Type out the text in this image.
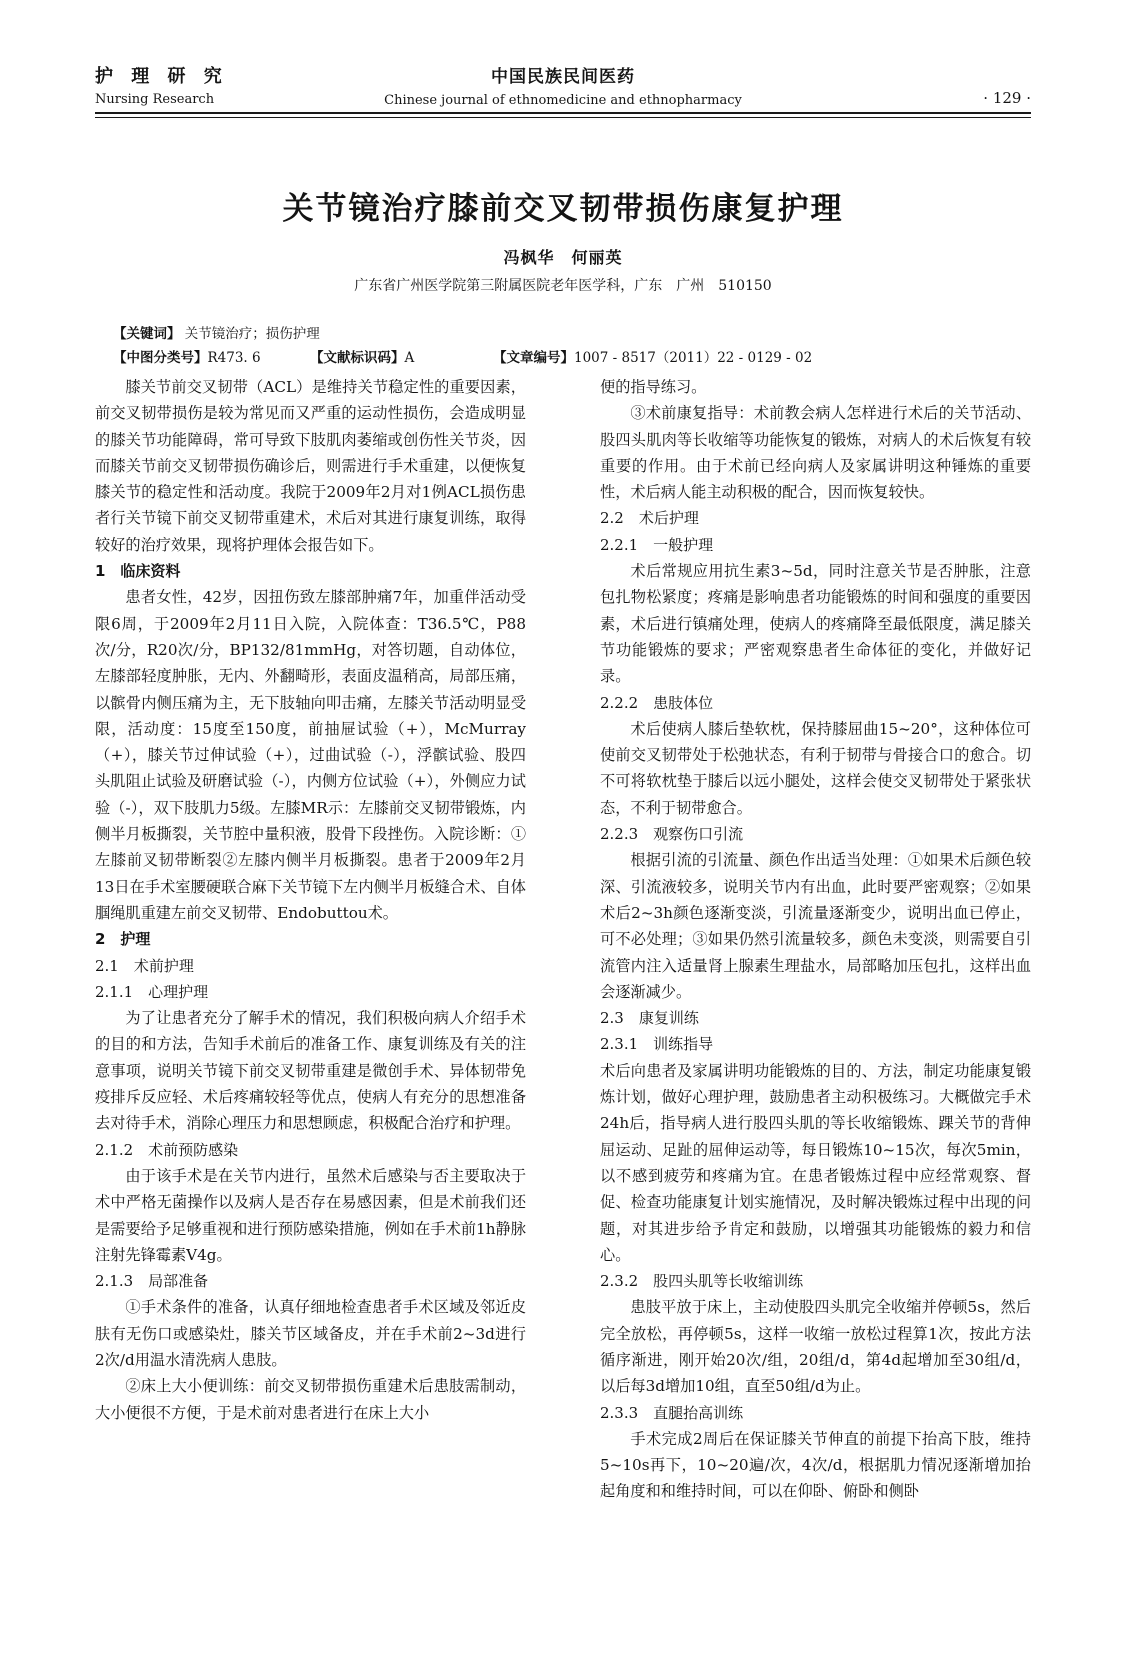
护 理 研 究
Nursing Research
中国民族民间医药
Chinese journal of ethnomedicine and ethnopharmacy	· 129 ·
关节镜治疗膝前交叉韧带损伤康复护理
冯枫华　何丽英
广东省广州医学院第三附属医院老年医学科，广东　广州　510150
【关键词】 关节镜治疗；损伤护理
【中图分类号】R473. 6	【文献标识码】A	【文章编号】1007 - 8517（2011）22 - 0129 - 02

膝关节前交叉韧带（ACL）是维持关节稳定性的重要因素，前交叉韧带损伤是较为常见而又严重的运动性损伤，会造成明显的膝关节功能障碍，常可导致下肢肌肉萎缩或创伤性关节炎，因而膝关节前交叉韧带损伤确诊后，则需进行手术重建，以便恢复膝关节的稳定性和活动度。我院于2009年2月对1例ACL损伤患者行关节镜下前交叉韧带重建术，术后对其进行康复训练，取得较好的治疗效果，现将护理体会报告如下。

1　临床资料

患者女性，42岁，因扭伤致左膝部肿痛7年，加重伴活动受限6周，于2009年2月11日入院，入院体查：T36.5℃，P88次/分，R20次/分，BP132/81mmHg，对答切题，自动体位，左膝部轻度肿胀，无内、外翻畸形，表面皮温稍高，局部压痛，以髌骨内侧压痛为主，无下肢轴向叩击痛，左膝关节活动明显受限，活动度：15度至150度，前抽屉试验（+），McMurray（+），膝关节过伸试验（+），过曲试验（-），浮髌试验、股四头肌阻止试验及研磨试验（-），内侧方位试验（+），外侧应力试验（-），双下肢肌力5级。左膝MR示：左膝前交叉韧带锻炼，内侧半月板撕裂，关节腔中量积液，股骨下段挫伤。入院诊断：①左膝前叉韧带断裂②左膝内侧半月板撕裂。患者于2009年2月13日在手术室腰硬联合麻下关节镜下左内侧半月板缝合术、自体腘绳肌重建左前交叉韧带、Endobuttou术。

2　护理

2.1　术前护理

2.1.1　心理护理

为了让患者充分了解手术的情况，我们积极向病人介绍手术的目的和方法，告知手术前后的准备工作、康复训练及有关的注意事项，说明关节镜下前交叉韧带重建是微创手术、异体韧带免疫排斥反应轻、术后疼痛较轻等优点，使病人有充分的思想准备去对待手术，消除心理压力和思想顾虑，积极配合治疗和护理。

2.1.2　术前预防感染

由于该手术是在关节内进行，虽然术后感染与否主要取决于术中严格无菌操作以及病人是否存在易感因素，但是术前我们还是需要给予足够重视和进行预防感染措施，例如在手术前1h静脉注射先锋霉素V4g。

2.1.3　局部准备

①手术条件的准备，认真仔细地检查患者手术区域及邻近皮肤有无伤口或感染灶，膝关节区域备皮，并在手术前2~3d进行2次/d用温水清洗病人患肢。

②床上大小便训练：前交叉韧带损伤重建术后患肢需制动，大小便很不方便，于是术前对患者进行在床上大小

便的指导练习。

③术前康复指导：术前教会病人怎样进行术后的关节活动、股四头肌肉等长收缩等功能恢复的锻炼，对病人的术后恢复有较重要的作用。由于术前已经向病人及家属讲明这种锤炼的重要性，术后病人能主动积极的配合，因而恢复较快。

2.2　术后护理

2.2.1　一般护理

术后常规应用抗生素3~5d，同时注意关节是否肿胀，注意包扎物松紧度；疼痛是影响患者功能锻炼的时间和强度的重要因素，术后进行镇痛处理，使病人的疼痛降至最低限度，满足膝关节功能锻炼的要求；严密观察患者生命体征的变化，并做好记录。

2.2.2　患肢体位

术后使病人膝后垫软枕，保持膝屈曲15~20°，这种体位可使前交叉韧带处于松弛状态，有利于韧带与骨接合口的愈合。切不可将软枕垫于膝后以远小腿处，这样会使交叉韧带处于紧张状态，不利于韧带愈合。

2.2.3　观察伤口引流

根据引流的引流量、颜色作出适当处理：①如果术后颜色较深、引流液较多，说明关节内有出血，此时要严密观察；②如果术后2~3h颜色逐渐变淡，引流量逐渐变少，说明出血已停止，可不必处理；③如果仍然引流量较多，颜色未变淡，则需要自引流管内注入适量肾上腺素生理盐水，局部略加压包扎，这样出血会逐渐减少。

2.3　康复训练

2.3.1　训练指导

术后向患者及家属讲明功能锻炼的目的、方法，制定功能康复锻炼计划，做好心理护理，鼓励患者主动积极练习。大概做完手术24h后，指导病人进行股四头肌的等长收缩锻炼、踝关节的背伸屈运动、足趾的屈伸运动等，每日锻炼10~15次，每次5min，以不感到疲劳和疼痛为宜。在患者锻炼过程中应经常观察、督促、检查功能康复计划实施情况，及时解决锻炼过程中出现的问题，对其进步给予肯定和鼓励，以增强其功能锻炼的毅力和信心。

2.3.2　股四头肌等长收缩训练

患肢平放于床上，主动使股四头肌完全收缩并停顿5s，然后完全放松，再停顿5s，这样一收缩一放松过程算1次，按此方法循序渐进，刚开始20次/组，20组/d，第4d起增加至30组/d，以后每3d增加10组，直至50组/d为止。

2.3.3　直腿抬高训练

手术完成2周后在保证膝关节伸直的前提下抬高下肢，维持5~10s再下，10~20遍/次，4次/d，根据肌力情况逐渐增加抬起角度和和维持时间，可以在仰卧、俯卧和侧卧
